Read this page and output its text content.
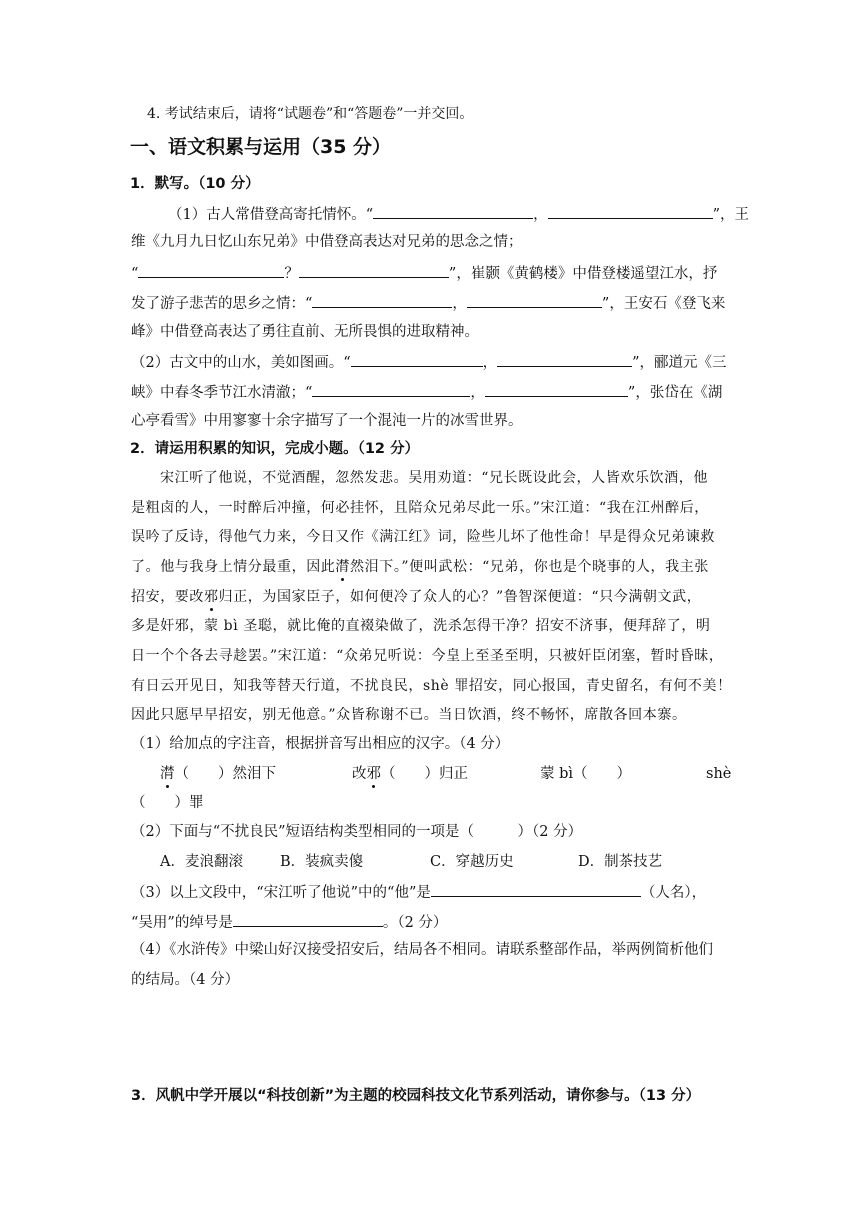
4. 考试结束后，请将“试题卷”和“答题卷”一并交回。
一、语文积累与运用（35 分）
1．默写。（10 分）
（1）古人常借登高寄托情怀。“	，	”，王
维《九月九日忆山东兄弟》中借登高表达对兄弟的思念之情；
“	？	”，崔颢《黄鹤楼》中借登楼遥望江水，抒
发了游子悲苦的思乡之情：“	，	”，王安石《登飞来
峰》中借登高表达了勇往直前、无所畏惧的进取精神。
（2）古文中的山水，美如图画。“	，	”，郦道元《三
峡》中春冬季节江水清澈；“	，	”，张岱在《湖
心亭看雪》中用寥寥十余字描写了一个混沌一片的冰雪世界。
2．请运用积累的知识，完成小题。（12 分）
宋江听了他说，不觉酒醒，忽然发悲。吴用劝道：“兄长既设此会，人皆欢乐饮酒，他
是粗卤的人，一时醉后冲撞，何必挂怀，且陪众兄弟尽此一乐。”宋江道：“我在江州醉后，
误吟了反诗，得他气力来，今日又作《满江红》词，险些儿坏了他性命！早是得众兄弟谏救
了。他与我身上情分最重，因此潸然泪下。”便叫武松：“兄弟，你也是个晓事的人，我主张
招安，要改邪归正，为国家臣子，如何便冷了众人的心？”鲁智深便道：“只今满朝文武，
多是奸邪，蒙 bì 圣聪，就比俺的直裰染做了，洗杀怎得干净？招安不济事，便拜辞了，明
日一个个各去寻趁罢。”宋江道：“众弟兄听说：今皇上至圣至明，只被奸臣闭塞，暂时昏昧，
有日云开见日，知我等替天行道，不扰良民，shè 罪招安，同心报国，青史留名，有何不美！
因此只愿早早招安，别无他意。”众皆称谢不已。当日饮酒，终不畅怀，席散各回本寨。
（1）给加点的字注音，根据拼音写出相应的汉字。（4 分）
潸（　　）然泪下	改邪（　　）归正	蒙 bì（　　）	shè
（　　）罪
（2）下面与“不扰良民”短语结构类型相同的一项是（　　　）（2 分）
A．麦浪翻滚	B．装疯卖傻	C．穿越历史	D．制茶技艺
（3）以上文段中，“宋江听了他说”中的“他”是	（人名），
“吴用”的绰号是	。（2 分）
（4）《水浒传》中梁山好汉接受招安后，结局各不相同。请联系整部作品，举两例简析他们
的结局。（4 分）
3．风帆中学开展以“科技创新”为主题的校园科技文化节系列活动，请你参与。（13 分）
